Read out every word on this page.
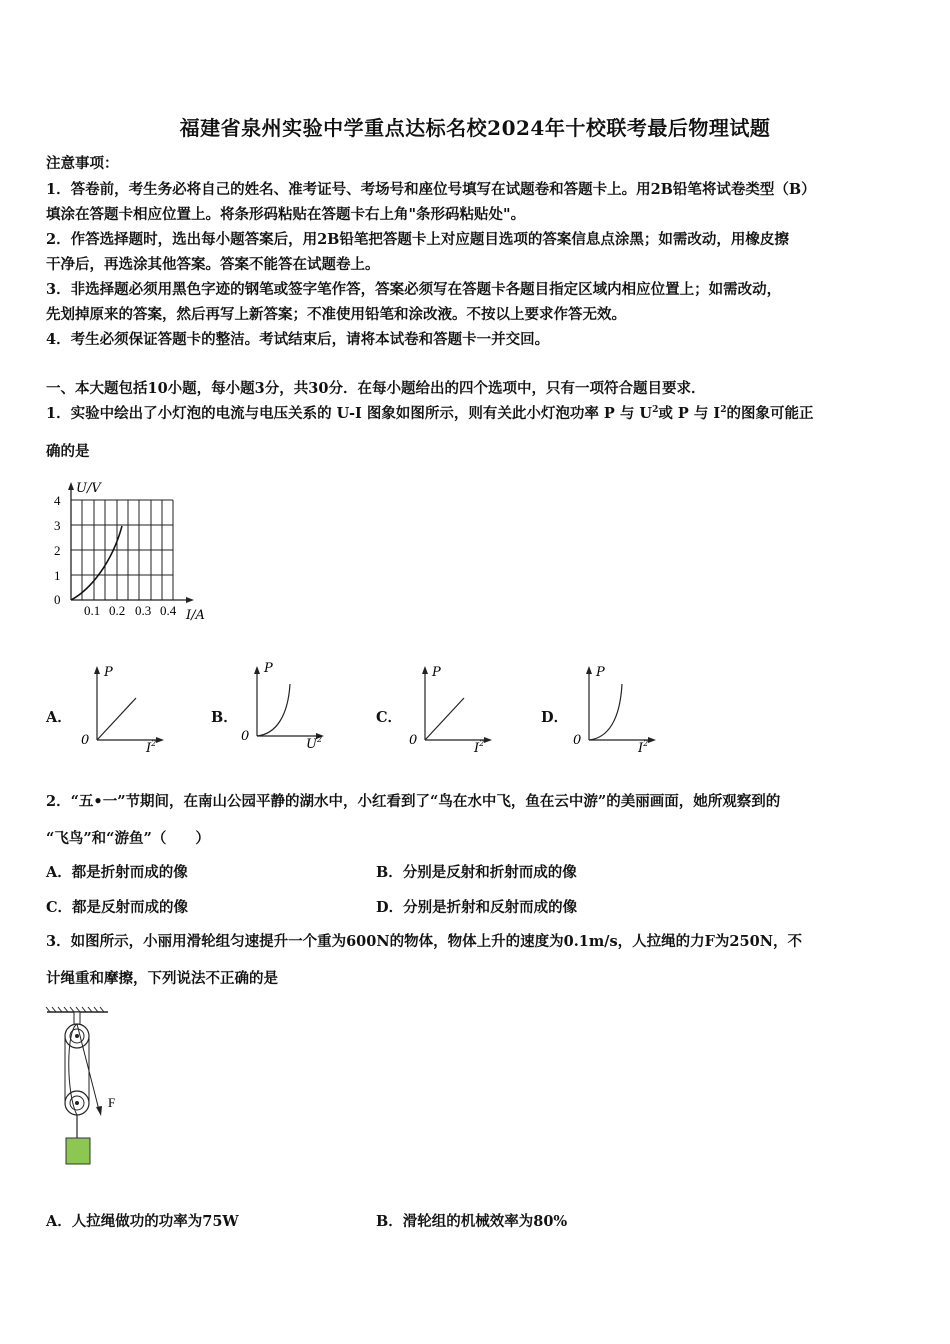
福建省泉州实验中学重点达标名校2024年十校联考最后物理试题
注意事项：
1．答卷前，考生务必将自己的姓名、准考证号、考场号和座位号填写在试题卷和答题卡上。用2B铅笔将试卷类型（B）
填涂在答题卡相应位置上。将条形码粘贴在答题卡右上角"条形码粘贴处"。
2．作答选择题时，选出每小题答案后，用2B铅笔把答题卡上对应题目选项的答案信息点涂黑；如需改动，用橡皮擦
干净后，再选涂其他答案。答案不能答在试题卷上。
3．非选择题必须用黑色字迹的钢笔或签字笔作答，答案必须写在答题卡各题目指定区域内相应位置上；如需改动，
先划掉原来的答案，然后再写上新答案；不准使用铅笔和涂改液。不按以上要求作答无效。
4．考生必须保证答题卡的整洁。考试结束后，请将本试卷和答题卡一并交回。
一、本大题包括10小题，每小题3分，共30分．在每小题给出的四个选项中，只有一项符合题目要求．
1．实验中绘出了小灯泡的电流与电压关系的 U-I 图象如图所示，则有关此小灯泡功率 P 与 $U^2$或 P 与 $I^2$的图象可能正
确的是
U/V
I/A
4
3
2
1
0
0.1 0.2 0.3 0.4
A．
P
0
$I^2$
B．
P
0
$U^2$
C．
P
0
$I^2$
D．
P
0
$I^2$
2．“五•一”节期间，在南山公园平静的湖水中，小红看到了“鸟在水中飞，鱼在云中游”的美丽画面，她所观察到的
“飞鸟”和“游鱼”（　　）
A．都是折射而成的像	B．分别是反射和折射而成的像
C．都是反射而成的像	D．分别是折射和反射而成的像
3．如图所示，小丽用滑轮组匀速提升一个重为600N的物体，物体上升的速度为0.1m/s，人拉绳的力F为250N，不
计绳重和摩擦，下列说法不正确的是
F
A．人拉绳做功的功率为75W	B．滑轮组的机械效率为80%
